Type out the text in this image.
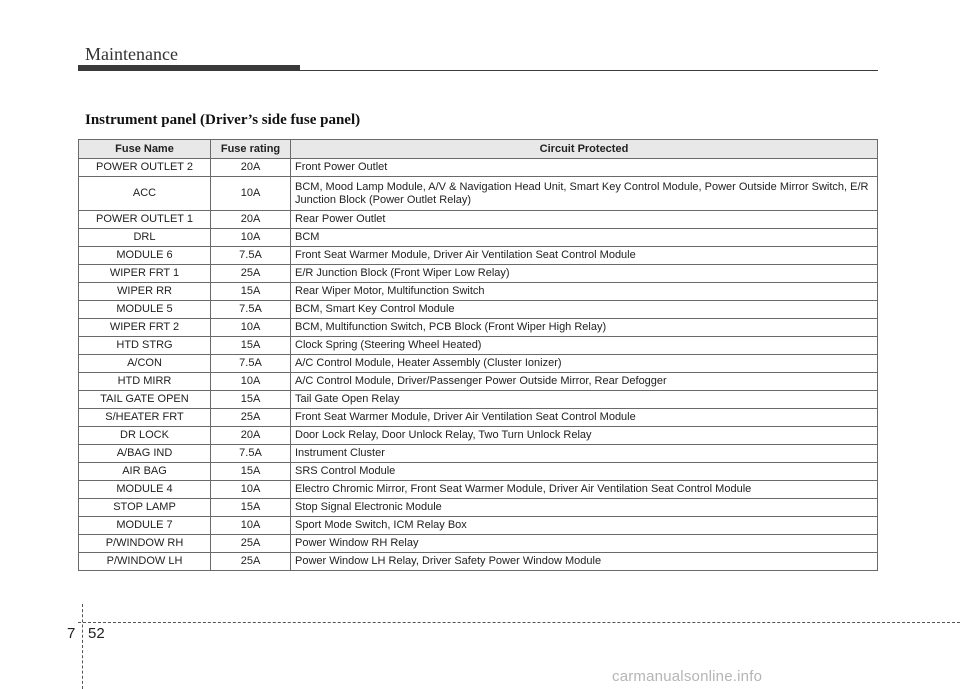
Maintenance
Instrument panel (Driver’s side fuse panel)
Fuse Name	Fuse rating	Circuit Protected
POWER OUTLET 2	20A	Front Power Outlet
ACC	10A	BCM, Mood Lamp Module, A/V & Navigation Head Unit, Smart Key Control Module, Power Outside Mirror Switch, E/R Junction Block (Power Outlet Relay)
POWER OUTLET 1	20A	Rear Power Outlet
DRL	10A	BCM
MODULE 6	7.5A	Front Seat Warmer Module, Driver Air Ventilation Seat Control Module
WIPER FRT 1	25A	E/R Junction Block (Front Wiper Low Relay)
WIPER RR	15A	Rear Wiper Motor, Multifunction Switch
MODULE 5	7.5A	BCM, Smart Key Control Module
WIPER FRT 2	10A	BCM, Multifunction Switch, PCB Block (Front Wiper High Relay)
HTD STRG	15A	Clock Spring (Steering Wheel Heated)
A/CON	7.5A	A/C Control Module, Heater Assembly (Cluster Ionizer)
HTD MIRR	10A	A/C Control Module, Driver/Passenger Power Outside Mirror, Rear Defogger
TAIL GATE OPEN	15A	Tail Gate Open Relay
S/HEATER FRT	25A	Front Seat Warmer Module, Driver Air Ventilation Seat Control Module
DR LOCK	20A	Door Lock Relay, Door Unlock Relay, Two Turn Unlock Relay
A/BAG IND	7.5A	Instrument Cluster
AIR BAG	15A	SRS Control Module
MODULE 4	10A	Electro Chromic Mirror, Front Seat Warmer Module, Driver Air Ventilation Seat Control Module
STOP LAMP	15A	Stop Signal Electronic Module
MODULE 7	10A	Sport Mode Switch, ICM Relay Box
P/WINDOW RH	25A	Power Window RH Relay
P/WINDOW LH	25A	Power Window LH Relay, Driver Safety Power Window Module
7 52
carmanualsonline.info
